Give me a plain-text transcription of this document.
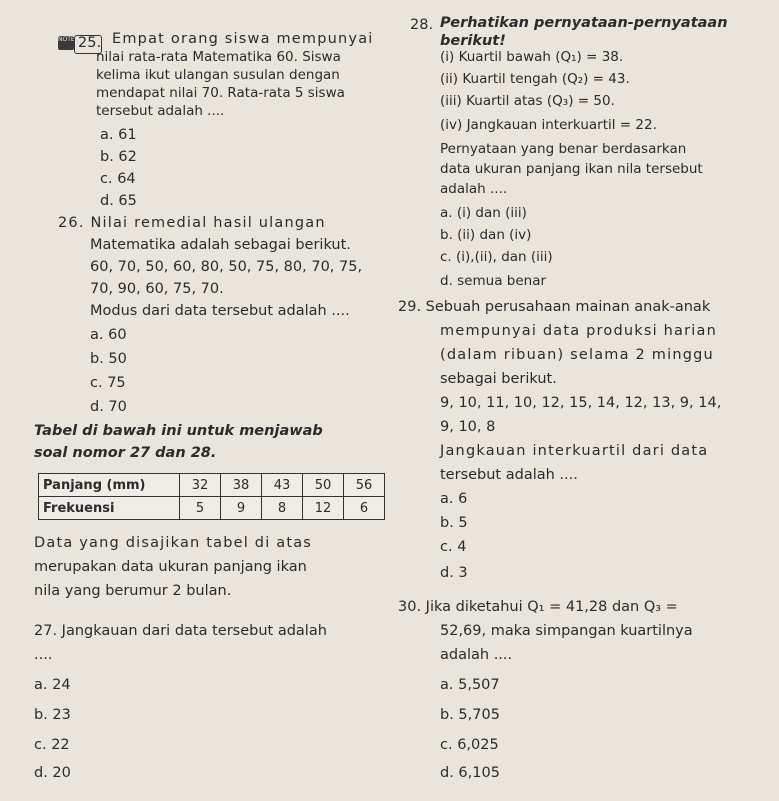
NOTE 25. Empat orang siswa mempunyai
nilai rata-rata Matematika 60. Siswa
kelima ikut ulangan susulan dengan
mendapat nilai 70. Rata-rata 5 siswa
tersebut adalah ....
a. 61
b. 62
c. 64
d. 65
26. Nilai remedial hasil ulangan
Matematika adalah sebagai berikut.
60, 70, 50, 60, 80, 50, 75, 80, 70, 75,
70, 90, 60, 75, 70.
Modus dari data tersebut adalah ....
a. 60
b. 50
c. 75
d. 70
Tabel di bawah ini untuk menjawab
soal nomor 27 dan 28.
Panjang (mm)	32	38	43	50	56
Frekuensi	5	9	8	12	6
Data yang disajikan tabel di atas
merupakan data ukuran panjang ikan
nila yang berumur 2 bulan.
27. Jangkauan dari data tersebut adalah
....
a. 24
b. 23
c. 22
d. 20
28. Perhatikan pernyataan-pernyataan
berikut!
(i) Kuartil bawah (Q₁) = 38.
(ii) Kuartil tengah (Q₂) = 43.
(iii) Kuartil atas (Q₃) = 50.
(iv) Jangkauan interkuartil = 22.
Pernyataan yang benar berdasarkan
data ukuran panjang ikan nila tersebut
adalah ....
a. (i) dan (iii)
b. (ii) dan (iv)
c. (i),(ii), dan (iii)
d. semua benar
29. Sebuah perusahaan mainan anak-anak
mempunyai data produksi harian
(dalam ribuan) selama 2 minggu
sebagai berikut.
9, 10, 11, 10, 12, 15, 14, 12, 13, 9, 14,
9, 10, 8
Jangkauan interkuartil dari data
tersebut adalah ....
a. 6
b. 5
c. 4
d. 3
30. Jika diketahui Q₁ = 41,28 dan Q₃ =
52,69, maka simpangan kuartilnya
adalah ....
a. 5,507
b. 5,705
c. 6,025
d. 6,105
